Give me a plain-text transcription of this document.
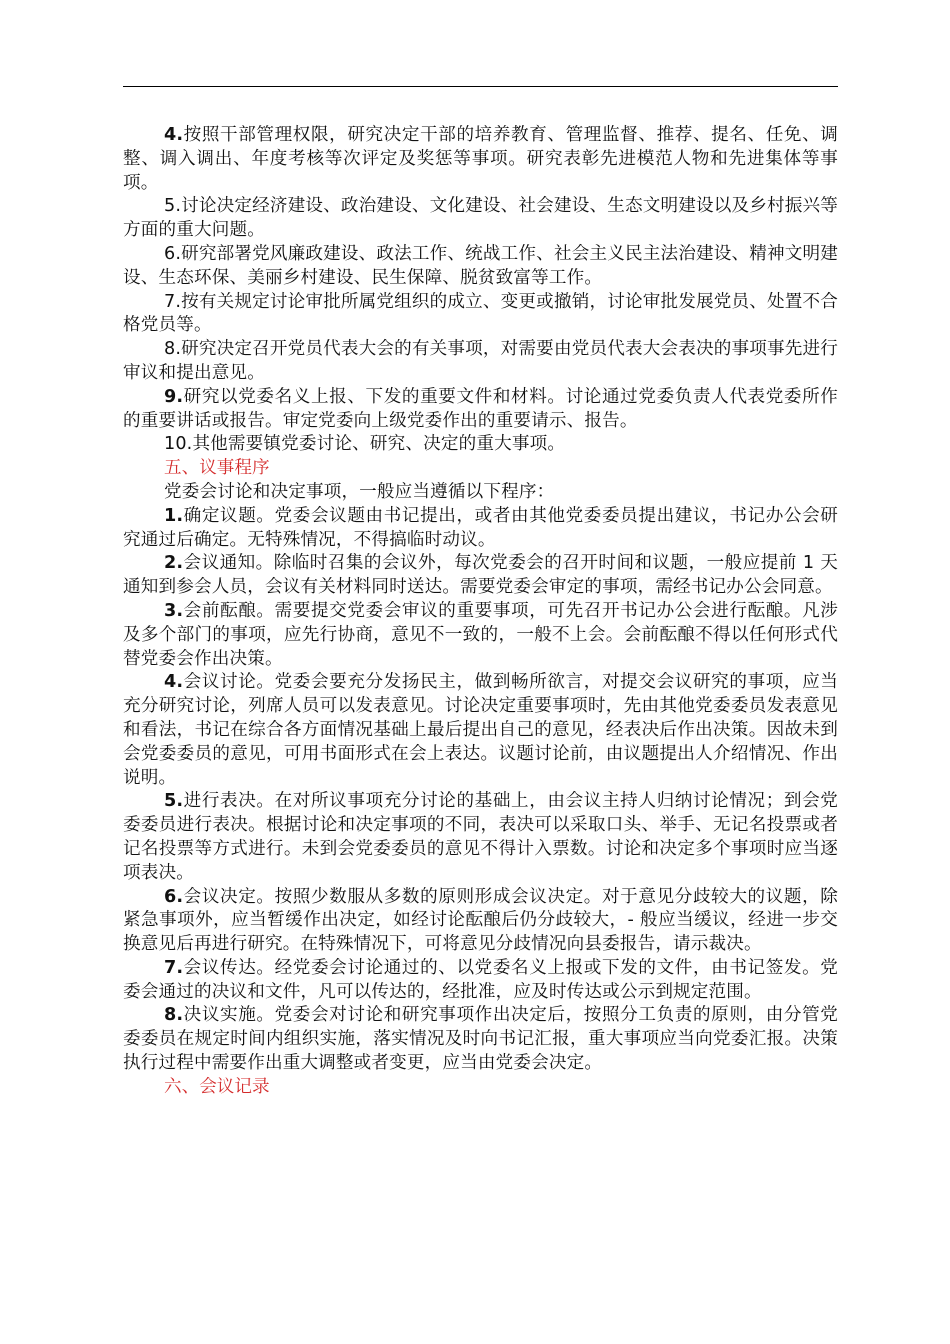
4.按照干部管理权限，研究决定干部的培养教育、管理监督、推荐、提名、任免、调整、调入调出、年度考核等次评定及奖惩等事项。研究表彰先进模范人物和先进集体等事项。

5.讨论决定经济建设、政治建设、文化建设、社会建设、生态文明建设以及乡村振兴等方面的重大问题。

6.研究部署党风廉政建设、政法工作、统战工作、社会主义民主法治建设、精神文明建设、生态环保、美丽乡村建设、民生保障、脱贫致富等工作。

7.按有关规定讨论审批所属党组织的成立、变更或撤销，讨论审批发展党员、处置不合格党员等。

8.研究决定召开党员代表大会的有关事项，对需要由党员代表大会表决的事项事先进行审议和提出意见。

9.研究以党委名义上报、下发的重要文件和材料。讨论通过党委负责人代表党委所作的重要讲话或报告。审定党委向上级党委作出的重要请示、报告。

10.其他需要镇党委讨论、研究、决定的重大事项。

五、议事程序

党委会讨论和决定事项，一般应当遵循以下程序：

1.确定议题。党委会议题由书记提出，或者由其他党委委员提出建议，书记办公会研究通过后确定。无特殊情况，不得搞临时动议。

2.会议通知。除临时召集的会议外，每次党委会的召开时间和议题，一般应提前 1 天通知到参会人员，会议有关材料同时送达。需要党委会审定的事项，需经书记办公会同意。

3.会前酝酿。需要提交党委会审议的重要事项，可先召开书记办公会进行酝酿。凡涉及多个部门的事项，应先行协商，意见不一致的，一般不上会。会前酝酿不得以任何形式代替党委会作出决策。

4.会议讨论。党委会要充分发扬民主，做到畅所欲言，对提交会议研究的事项，应当充分研究讨论，列席人员可以发表意见。讨论决定重要事项时，先由其他党委委员发表意见和看法，书记在综合各方面情况基础上最后提出自己的意见，经表决后作出决策。因故未到会党委委员的意见，可用书面形式在会上表达。议题讨论前，由议题提出人介绍情况、作出说明。

5.进行表决。在对所议事项充分讨论的基础上，由会议主持人归纳讨论情况；到会党委委员进行表决。根据讨论和决定事项的不同，表决可以采取口头、举手、无记名投票或者记名投票等方式进行。未到会党委委员的意见不得计入票数。讨论和决定多个事项时应当逐项表决。

6.会议决定。按照少数服从多数的原则形成会议决定。对于意见分歧较大的议题，除紧急事项外，应当暂缓作出决定，如经讨论酝酿后仍分歧较大，- 般应当缓议，经进一步交换意见后再进行研究。在特殊情况下，可将意见分歧情况向县委报告，请示裁决。

7.会议传达。经党委会讨论通过的、以党委名义上报或下发的文件，由书记签发。党委会通过的决议和文件，凡可以传达的，经批准，应及时传达或公示到规定范围。

8.决议实施。党委会对讨论和研究事项作出决定后，按照分工负责的原则，由分管党委委员在规定时间内组织实施，落实情况及时向书记汇报，重大事项应当向党委汇报。决策执行过程中需要作出重大调整或者变更，应当由党委会决定。

六、会议记录
